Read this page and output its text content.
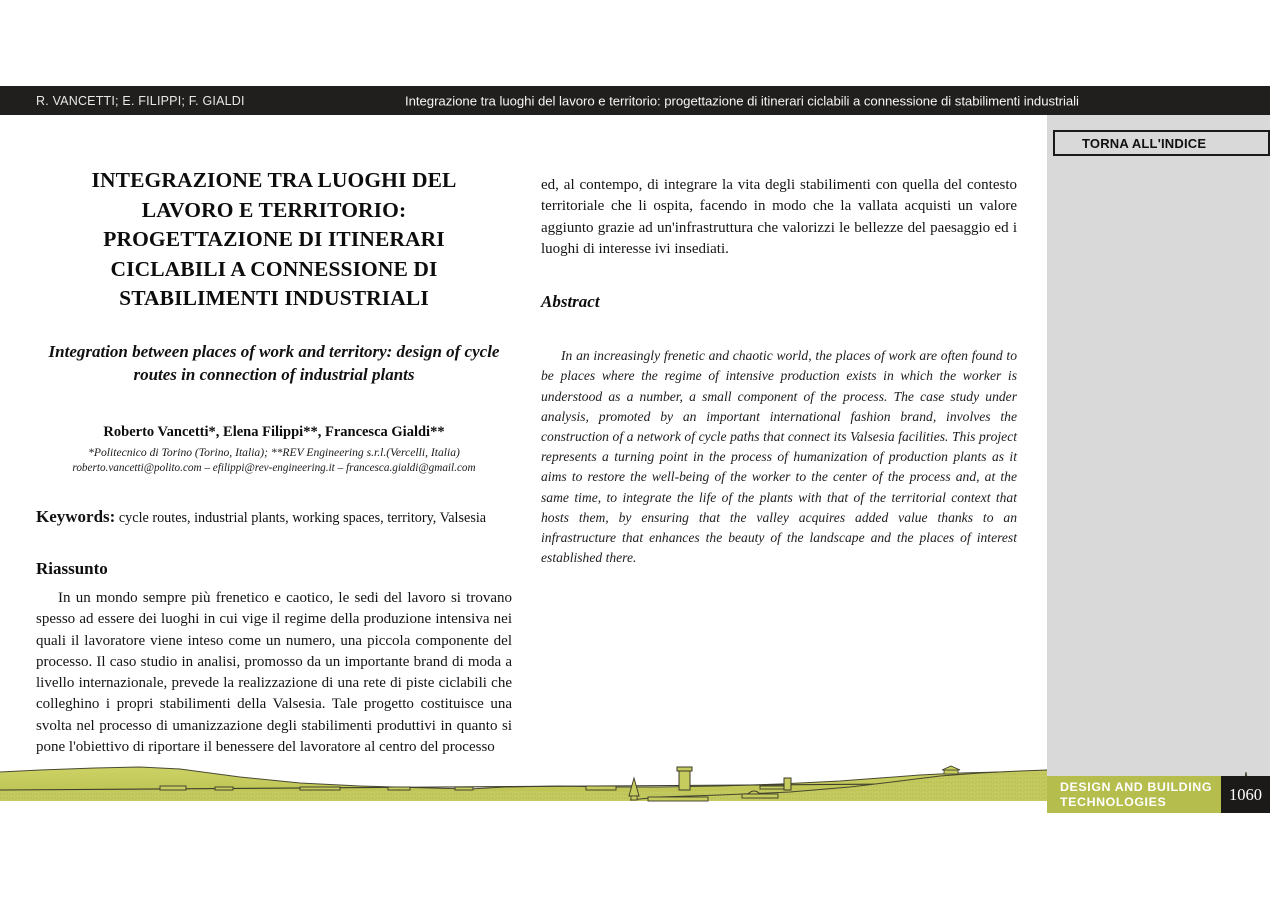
R. VANCETTI; E. FILIPPI; F. GIALDI	Integrazione tra luoghi del lavoro e territorio: progettazione di itinerari ciclabili a connessione di stabilimenti industriali
TORNA ALL'INDICE
INTEGRAZIONE TRA LUOGHI DEL LAVORO E TERRITORIO: PROGETTAZIONE DI ITINERARI CICLABILI A CONNESSIONE DI STABILIMENTI INDUSTRIALI
Integration between places of work and territory: design of cycle routes in connection of industrial plants
Roberto Vancetti*, Elena Filippi**, Francesca Gialdi**
*Politecnico di Torino (Torino, Italia); **REV Engineering s.r.l.(Vercelli, Italia)
roberto.vancetti@polito.com – efilippi@rev-engineering.it – francesca.gialdi@gmail.com

Keywords: cycle routes, industrial plants, working spaces, territory, Valsesia

Riassunto

In un mondo sempre più frenetico e caotico, le sedi del lavoro si trovano spesso ad essere dei luoghi in cui vige il regime della produzione intensiva nei quali il lavoratore viene inteso come un numero, una piccola componente del processo. Il caso studio in analisi, promosso da un importante brand di moda a livello internazionale, prevede la realizzazione di una rete di piste ciclabili che colleghino i propri stabilimenti della Valsesia. Tale progetto costituisce una svolta nel processo di umanizzazione degli stabilimenti produttivi in quanto si pone l'obiettivo di riportare il benessere del lavoratore al centro del processo

ed, al contempo, di integrare la vita degli stabilimenti con quella del contesto territoriale che li ospita, facendo in modo che la vallata acquisti un valore aggiunto grazie ad un'infrastruttura che valorizzi le bellezze del paesaggio ed i luoghi di interesse ivi insediati.

Abstract

In an increasingly frenetic and chaotic world, the places of work are often found to be places where the regime of intensive production exists in which the worker is understood as a number, a small component of the process. The case study under analysis, promoted by an important international fashion brand, involves the construction of a network of cycle paths that connect its Valsesia facilities. This project represents a turning point in the process of humanization of production plants as it aims to restore the well-being of the worker to the center of the process and, at the same time, to integrate the life of the plants with that of the territorial context that hosts them, by ensuring that the valley acquires added value thanks to an infrastructure that enhances the beauty of the landscape and the places of interest established there.

DESIGN AND BUILDING
TECHNOLOGIES	1060
